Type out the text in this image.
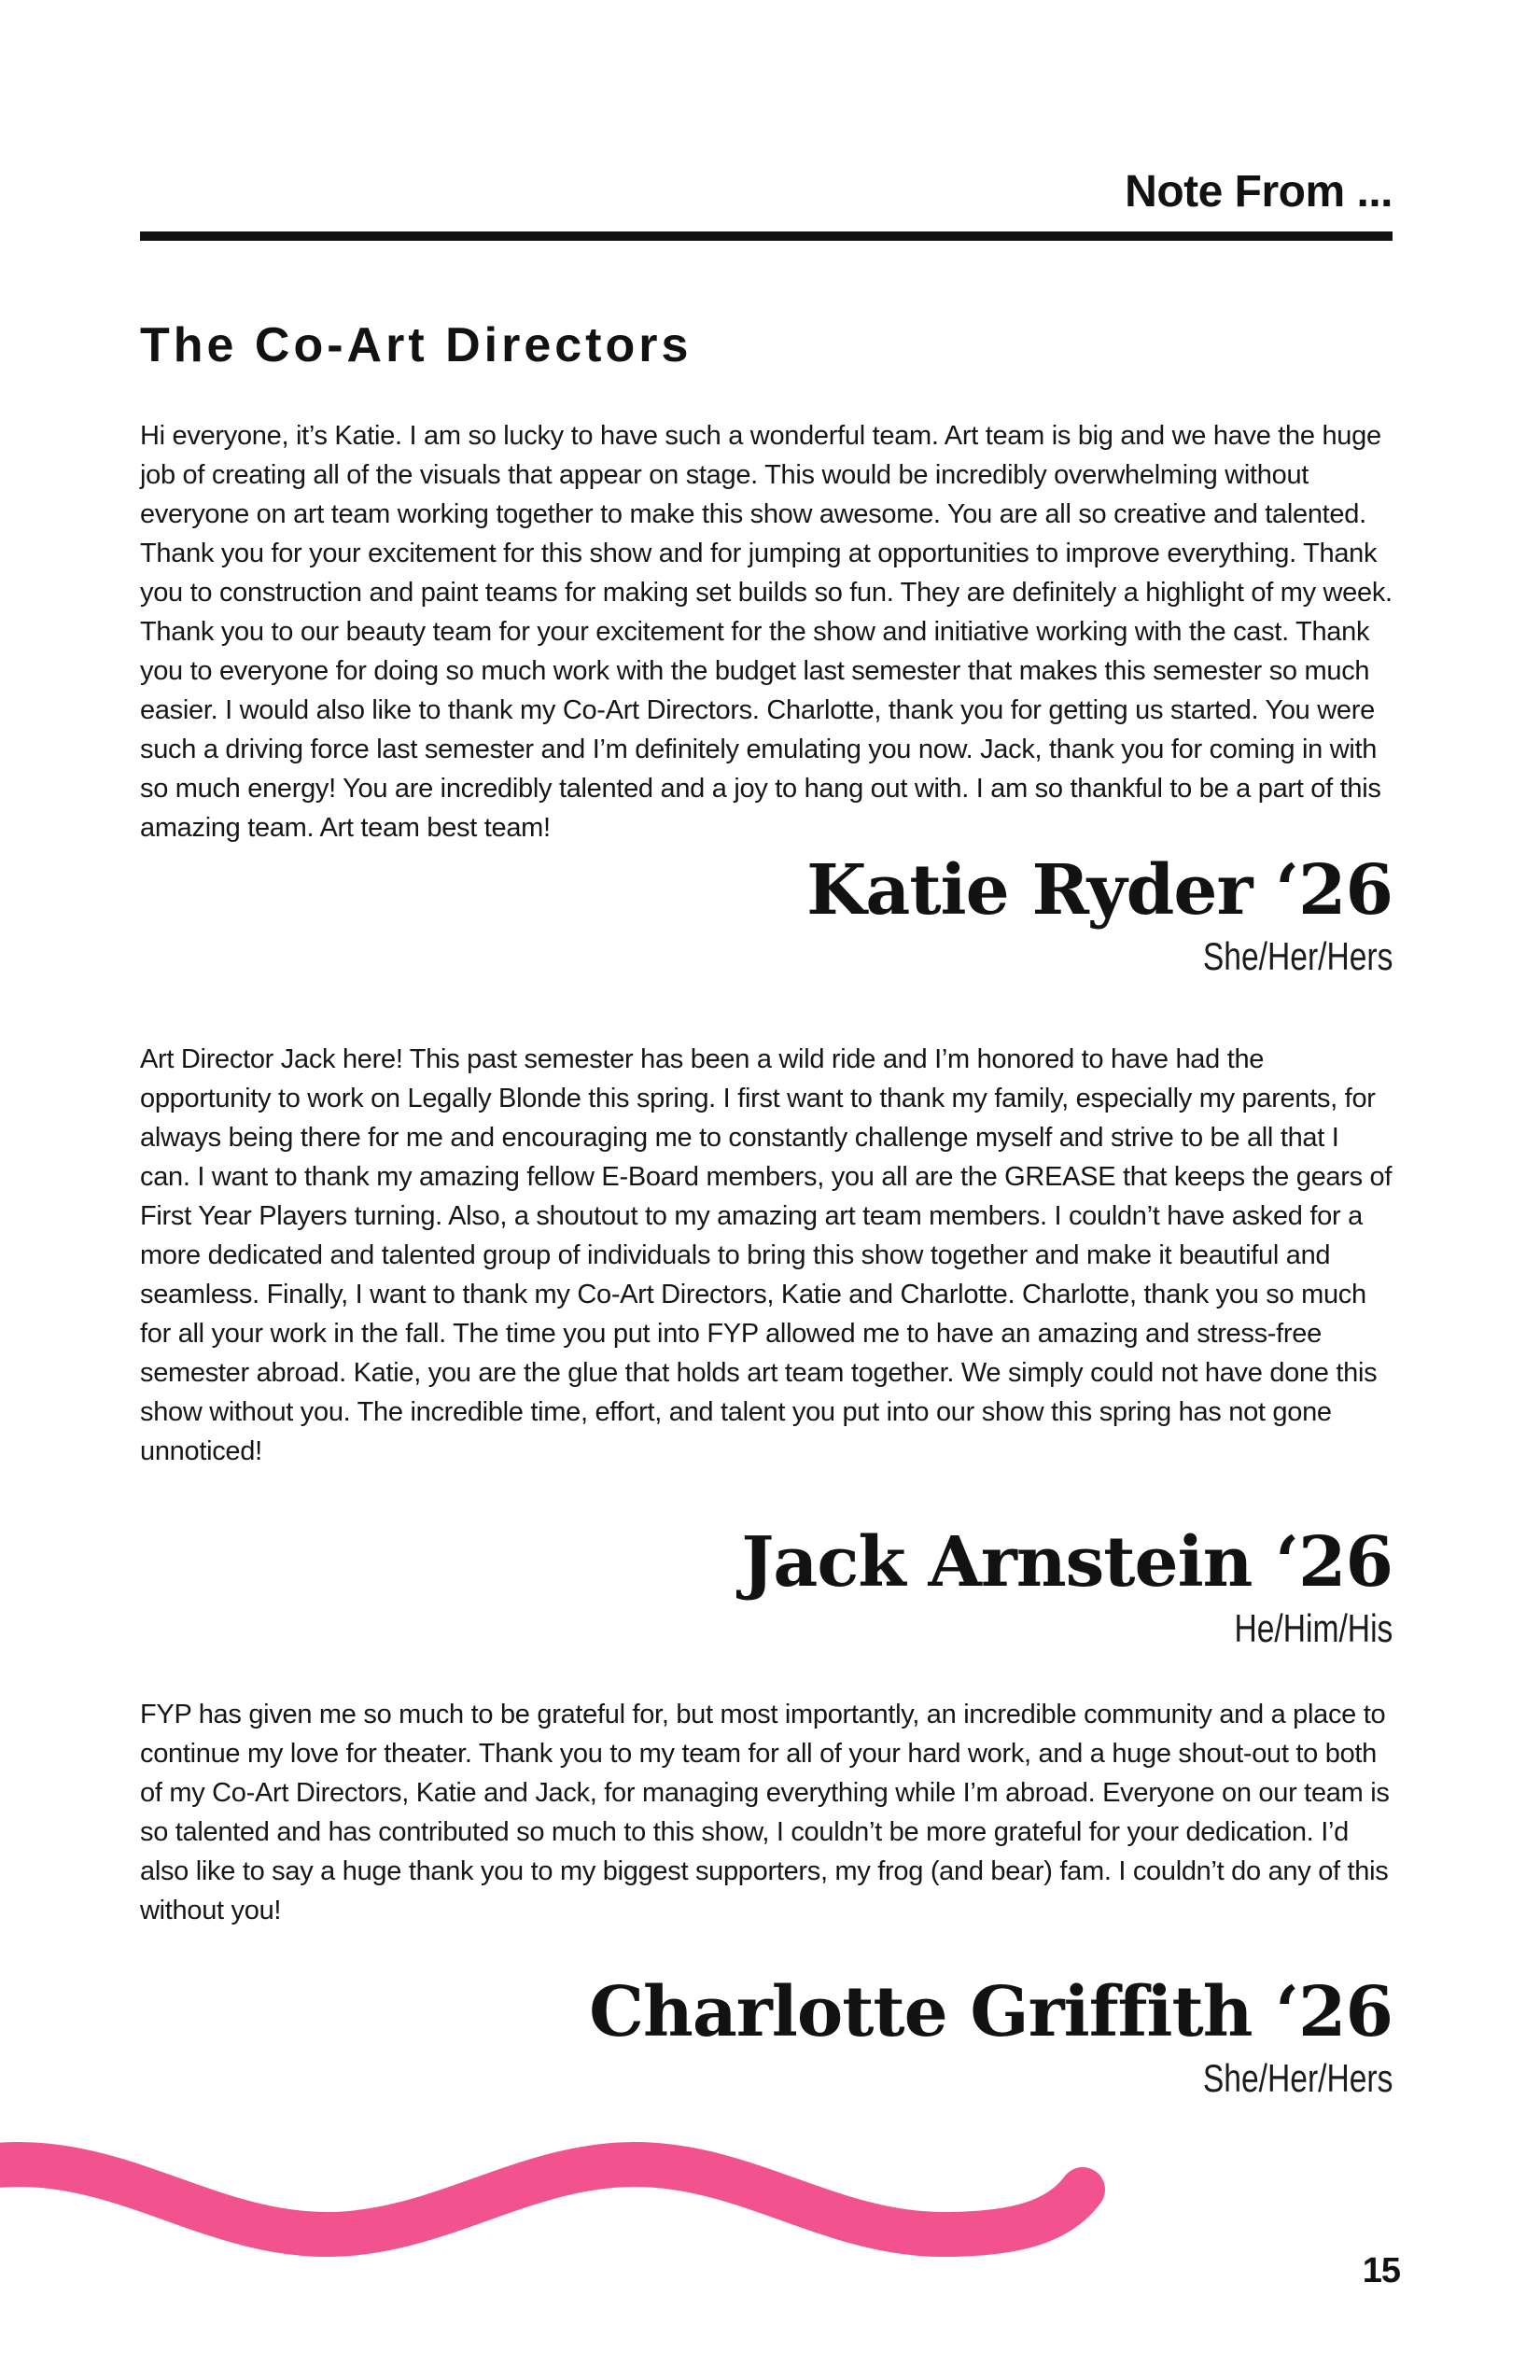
Note From ...
The Co-Art Directors

Hi everyone, it’s Katie. I am so lucky to have such a wonderful team. Art team is big and we have the huge job of creating all of the visuals that appear on stage. This would be incredibly overwhelming without everyone on art team working together to make this show awesome. You are all so creative and talented. Thank you for your excitement for this show and for jumping at opportunities to improve everything. Thank you to construction and paint teams for making set builds so fun. They are definitely a highlight of my week. Thank you to our beauty team for your excitement for the show and initiative working with the cast. Thank you to everyone for doing so much work with the budget last semester that makes this semester so much easier. I would also like to thank my Co-Art Directors. Charlotte, thank you for getting us started. You were such a driving force last semester and I’m definitely emulating you now. Jack, thank you for coming in with so much energy! You are incredibly talented and a joy to hang out with. I am so thankful to be a part of this amazing team. Art team best team!

Katie Ryder ‘26
She/Her/Hers

Art Director Jack here! This past semester has been a wild ride and I’m honored to have had the opportunity to work on Legally Blonde this spring. I first want to thank my family, especially my parents, for always being there for me and encouraging me to constantly challenge myself and strive to be all that I can. I want to thank my amazing fellow E-Board members, you all are the GREASE that keeps the gears of First Year Players turning. Also, a shoutout to my amazing art team members. I couldn’t have asked for a more dedicated and talented group of individuals to bring this show together and make it beautiful and seamless. Finally, I want to thank my Co-Art Directors, Katie and Charlotte. Charlotte, thank you so much for all your work in the fall. The time you put into FYP allowed me to have an amazing and stress-free semester abroad. Katie, you are the glue that holds art team together. We simply could not have done this show without you. The incredible time, effort, and talent you put into our show this spring has not gone unnoticed!

Jack Arnstein ‘26
He/Him/His

FYP has given me so much to be grateful for, but most importantly, an incredible community and a place to continue my love for theater. Thank you to my team for all of your hard work, and a huge shout-out to both of my Co-Art Directors, Katie and Jack, for managing everything while I’m abroad. Everyone on our team is so talented and has contributed so much to this show, I couldn’t be more grateful for your dedication. I’d also like to say a huge thank you to my biggest supporters, my frog (and bear) fam. I couldn’t do any of this without you!

Charlotte Griffith ‘26
She/Her/Hers
15
